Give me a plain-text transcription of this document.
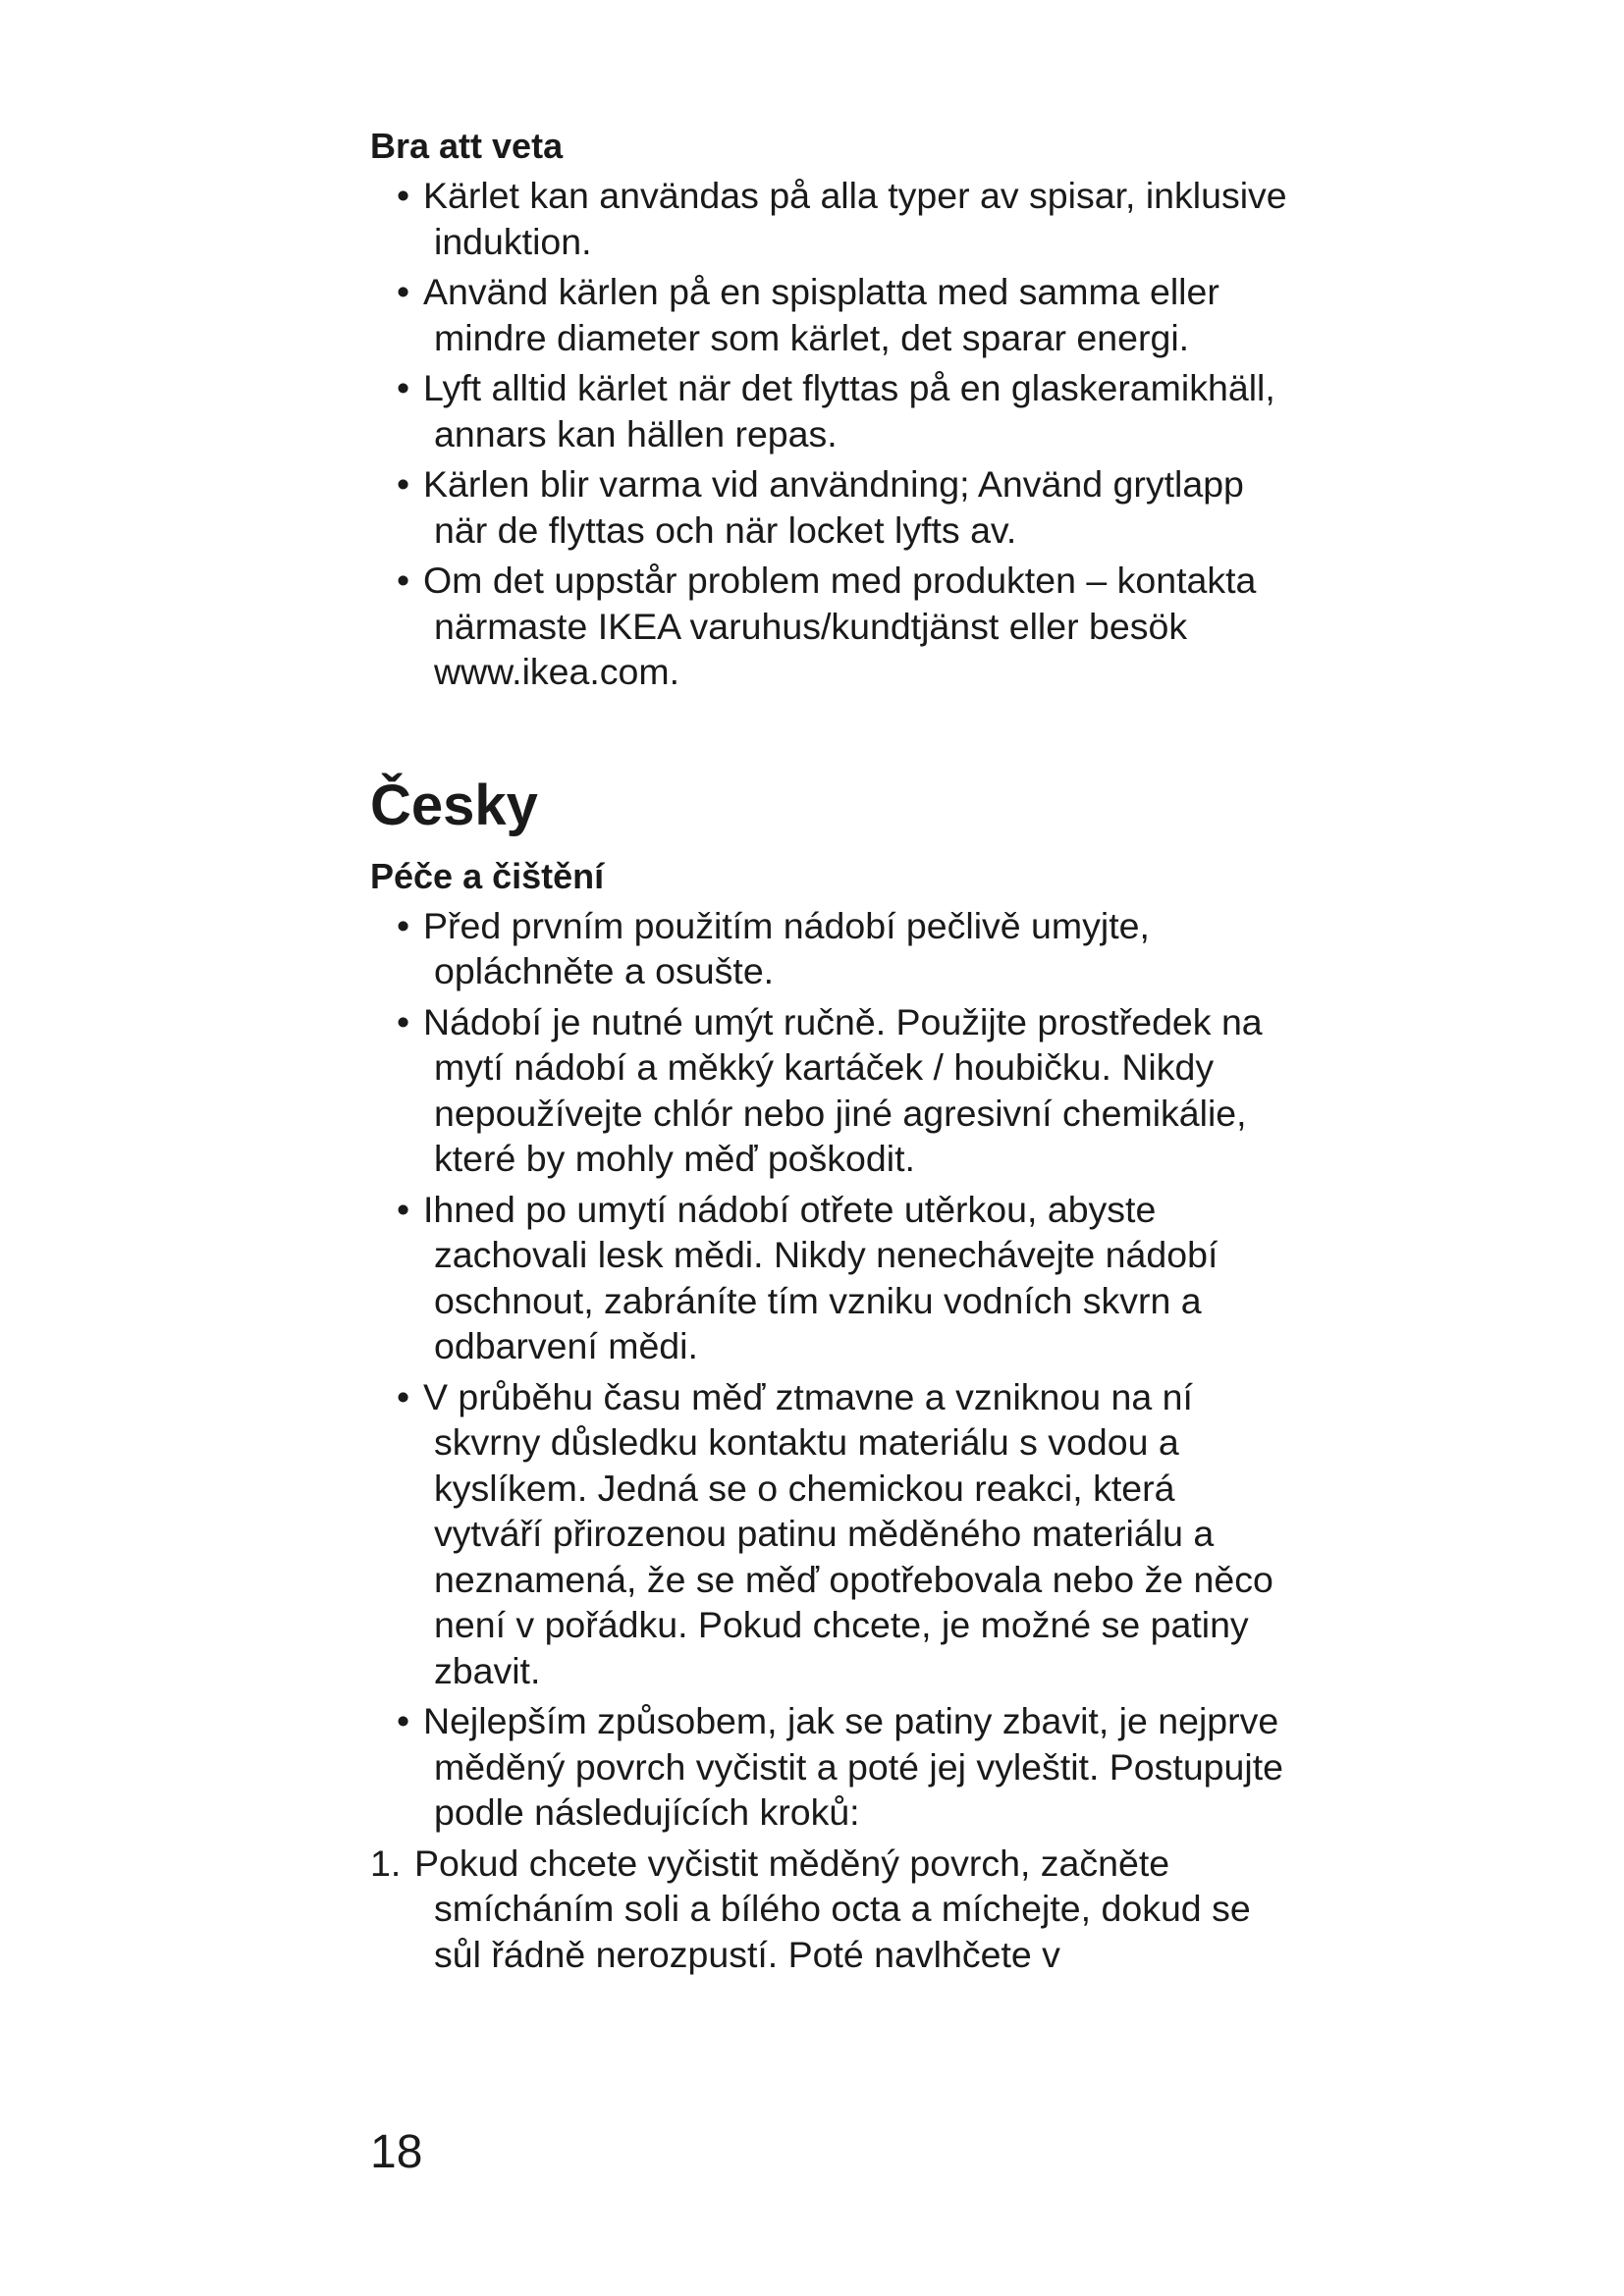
Bra att veta
• Kärlet kan användas på alla typer av spisar, inklusive induktion.
• Använd kärlen på en spisplatta med samma eller mindre diameter som kärlet, det sparar energi.
• Lyft alltid kärlet när det flyttas på en glaskeramikhäll, annars kan hällen repas.
• Kärlen blir varma vid användning; Använd grytlapp när de flyttas och när locket lyfts av.
• Om det uppstår problem med produkten – kontakta närmaste IKEA varuhus/kundtjänst eller besök www.ikea.com.
Česky
Péče a čištění
• Před prvním použitím nádobí pečlivě umyjte, opláchněte a osušte.
• Nádobí je nutné umýt ručně. Použijte prostředek na mytí nádobí a měkký kartáček / houbičku. Nikdy nepoužívejte chlór nebo jiné agresivní chemikálie, které by mohly měď poškodit.
• Ihned po umytí nádobí otřete utěrkou, abyste zachovali lesk mědi. Nikdy nenechávejte nádobí oschnout, zabráníte tím vzniku vodních skvrn a odbarvení mědi.
• V průběhu času měď ztmavne a vzniknou na ní skvrny důsledku kontaktu materiálu s vodou a kyslíkem. Jedná se o chemickou reakci, která vytváří přirozenou patinu měděného materiálu a neznamená, že se měď opotřebovala nebo že něco není v pořádku. Pokud chcete, je možné se patiny zbavit.
• Nejlepším způsobem, jak se patiny zbavit, je nejprve měděný povrch vyčistit a poté jej vyleštit. Postupujte podle následujících kroků:
1. Pokud chcete vyčistit měděný povrch, začněte smícháním soli a bílého octa a míchejte, dokud se sůl řádně nerozpustí. Poté navlhčete v
18
